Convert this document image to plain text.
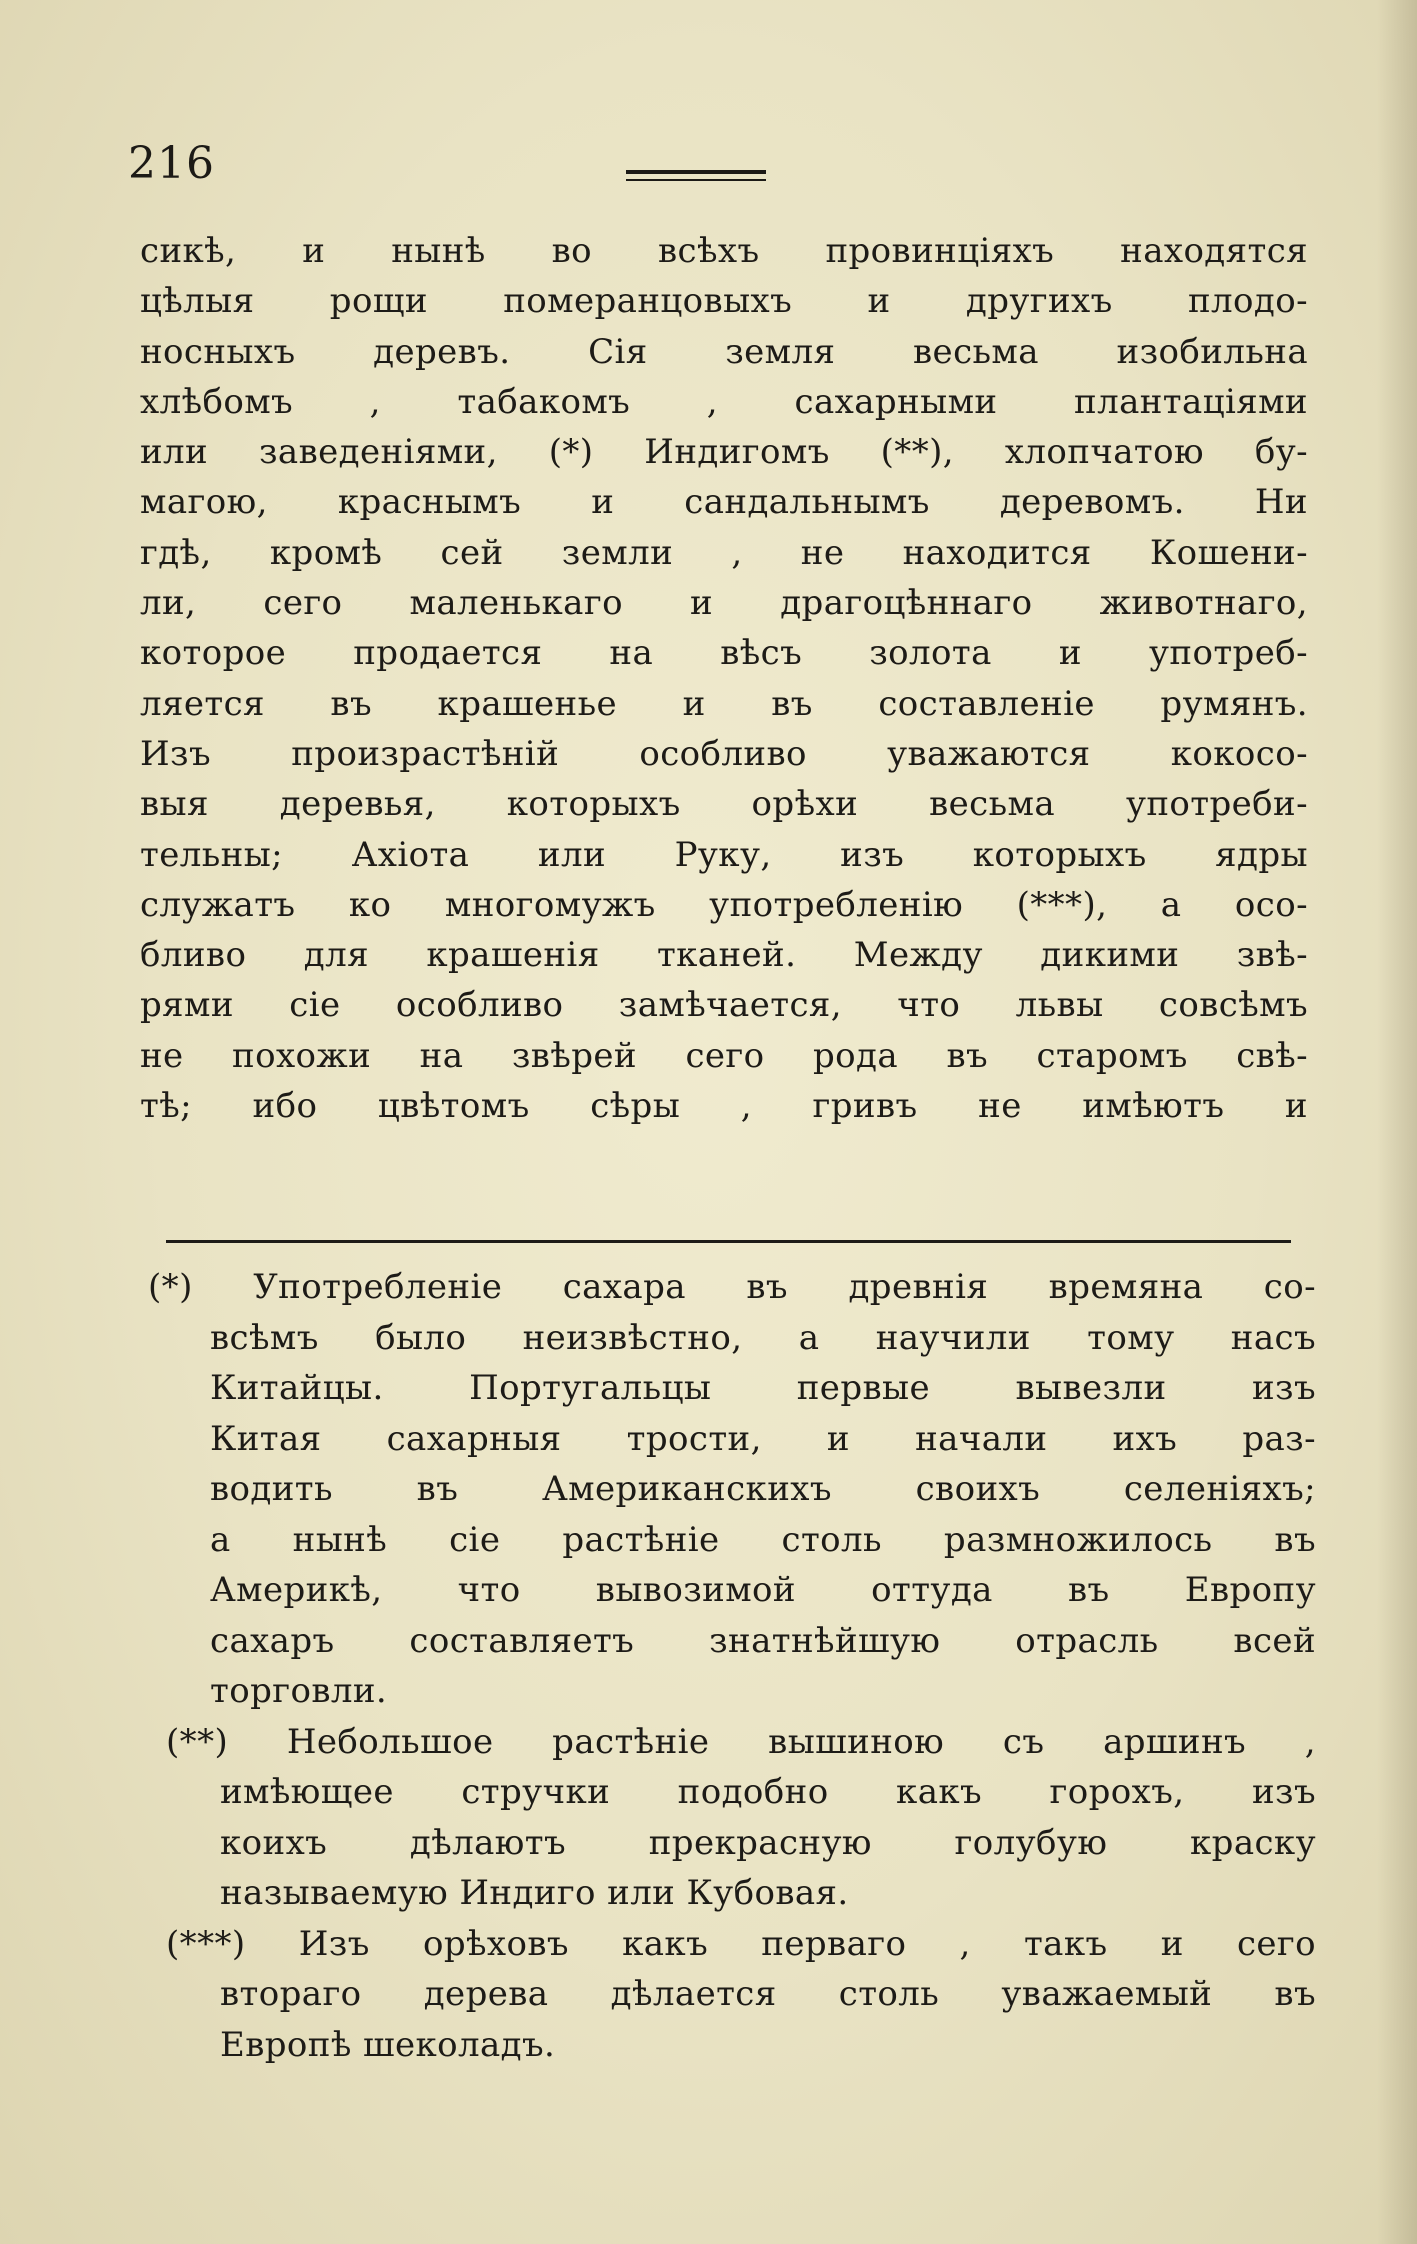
216
сикѣ, и нынѣ во всѣхъ провинціяхъ находятся
цѣлыя рощи померанцовыхъ и другихъ плодо-
носныхъ деревъ. Сія земля весьма изобильна
хлѣбомъ , табакомъ , сахарными плантаціями
или заведеніями, (*) Индигомъ (**), хлопчатою бу-
магою, краснымъ и сандальнымъ деревомъ. Ни
гдѣ, кромѣ сей земли , не находится Кошени-
ли, сего маленькаго и драгоцѣннаго животнаго,
которое продается на вѣсъ золота и употреб-
ляется въ крашенье и въ составленіе румянъ.
Изъ произрастѣній особливо уважаются кокосо-
выя деревья, которыхъ орѣхи весьма употреби-
тельны; Ахіота или Руку, изъ которыхъ ядры
служатъ ко многомужъ употребленію (***), а осо-
бливо для крашенія тканей. Между дикими звѣ-
рями сіе особливо замѣчается, что львы совсѣмъ
не похожи на звѣрей сего рода въ старомъ свѣ-
тѣ; ибо цвѣтомъ сѣры , гривъ не имѣютъ и
(*) Употребленіе сахара въ древнія времяна со-
всѣмъ было неизвѣстно, а научили тому насъ
Китайцы. Португальцы первые вывезли изъ
Китая сахарныя трости, и начали ихъ раз-
водить въ Американскихъ своихъ селеніяхъ;
а нынѣ сіе растѣніе столь размножилось въ
Америкѣ, что вывозимой оттуда въ Европу
сахаръ составляетъ знатнѣйшую отрасль всей
торговли.
(**) Небольшое растѣніе вышиною съ аршинъ ,
имѣющее стручки подобно какъ горохъ, изъ
коихъ дѣлаютъ прекрасную голубую краску
называемую Индиго или Кубовая.
(***) Изъ орѣховъ какъ перваго , такъ и сего
втораго дерева дѣлается столь уважаемый въ
Европѣ шеколадъ.
